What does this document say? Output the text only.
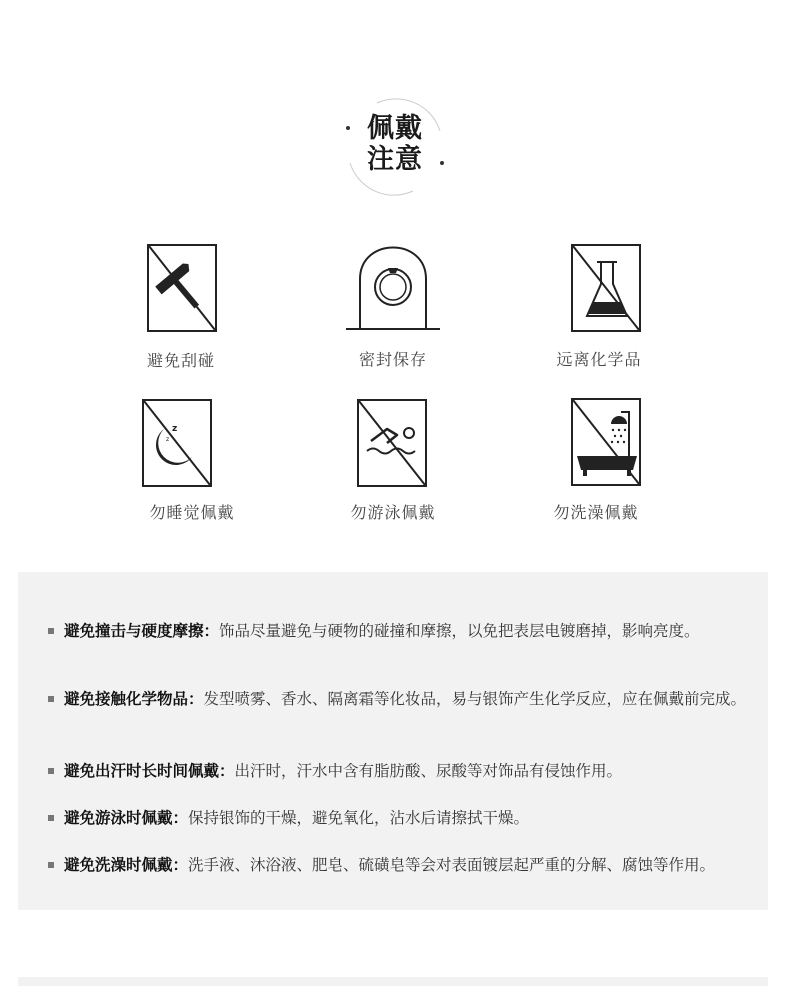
佩戴
注意
避免刮碰	密封保存	远离化学品
z
z
勿睡觉佩戴	勿游泳佩戴	勿洗澡佩戴
避免撞击与硬度摩擦：饰品尽量避免与硬物的碰撞和摩擦，以免把表层电镀磨掉，影响亮度。
避免接触化学物品：发型喷雾、香水、隔离霜等化妆品，易与银饰产生化学反应，应在佩戴前完成。
避免出汗时长时间佩戴：出汗时，汗水中含有脂肪酸、尿酸等对饰品有侵蚀作用。
避免游泳时佩戴：保持银饰的干燥，避免氧化，沾水后请擦拭干燥。
避免洗澡时佩戴：洗手液、沐浴液、肥皂、硫磺皂等会对表面镀层起严重的分解、腐蚀等作用。
